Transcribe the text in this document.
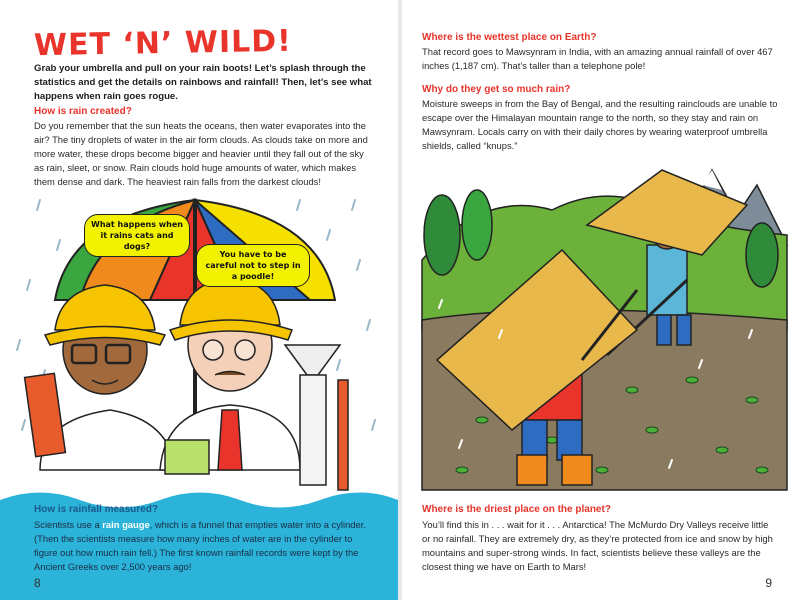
WET ‘N’ WILD!

Grab your umbrella and pull on your rain boots! Let’s splash through the statistics and get the details on rainbows and rainfall! Then, let’s see what happens when rain goes rogue.

How is rain created?

Do you remember that the sun heats the oceans, then water evaporates into the air? The tiny droplets of water in the air form clouds. As clouds take on more and more water, these drops become bigger and heavier until they fall out of the sky as rain, sleet, or snow. Rain clouds hold huge amounts of water, which makes them dense and dark. The heaviest rain falls from the darkest clouds!

What happens when it rains cats and dogs?
You have to be careful not to step in a poodle!
How is rainfall measured?

Scientists use a rain gauge, which is a funnel that empties water into a cylinder. (Then the scientists measure how many inches of water are in the cylinder to figure out how much rain fell.) The first known rainfall records were kept by the Ancient Greeks over 2,500 years ago!

8
Where is the wettest place on Earth?

That record goes to Mawsynram in India, with an amazing annual rainfall of over 467 inches (1,187 cm). That’s taller than a telephone pole!

Why do they get so much rain?

Moisture sweeps in from the Bay of Bengal, and the resulting rainclouds are unable to escape over the Himalayan mountain range to the north, so they stay and rain on Mawsynram. Locals carry on with their daily chores by wearing waterproof umbrella shields, called “knups.”

Where is the driest place on the planet?

You’ll find this in . . . wait for it . . . Antarctica! The McMurdo Dry Valleys receive little or no rainfall. They are extremely dry, as they’re protected from ice and snow by high mountains and super-strong winds. In fact, scientists believe these valleys are the closest thing we have on Earth to Mars!

9
